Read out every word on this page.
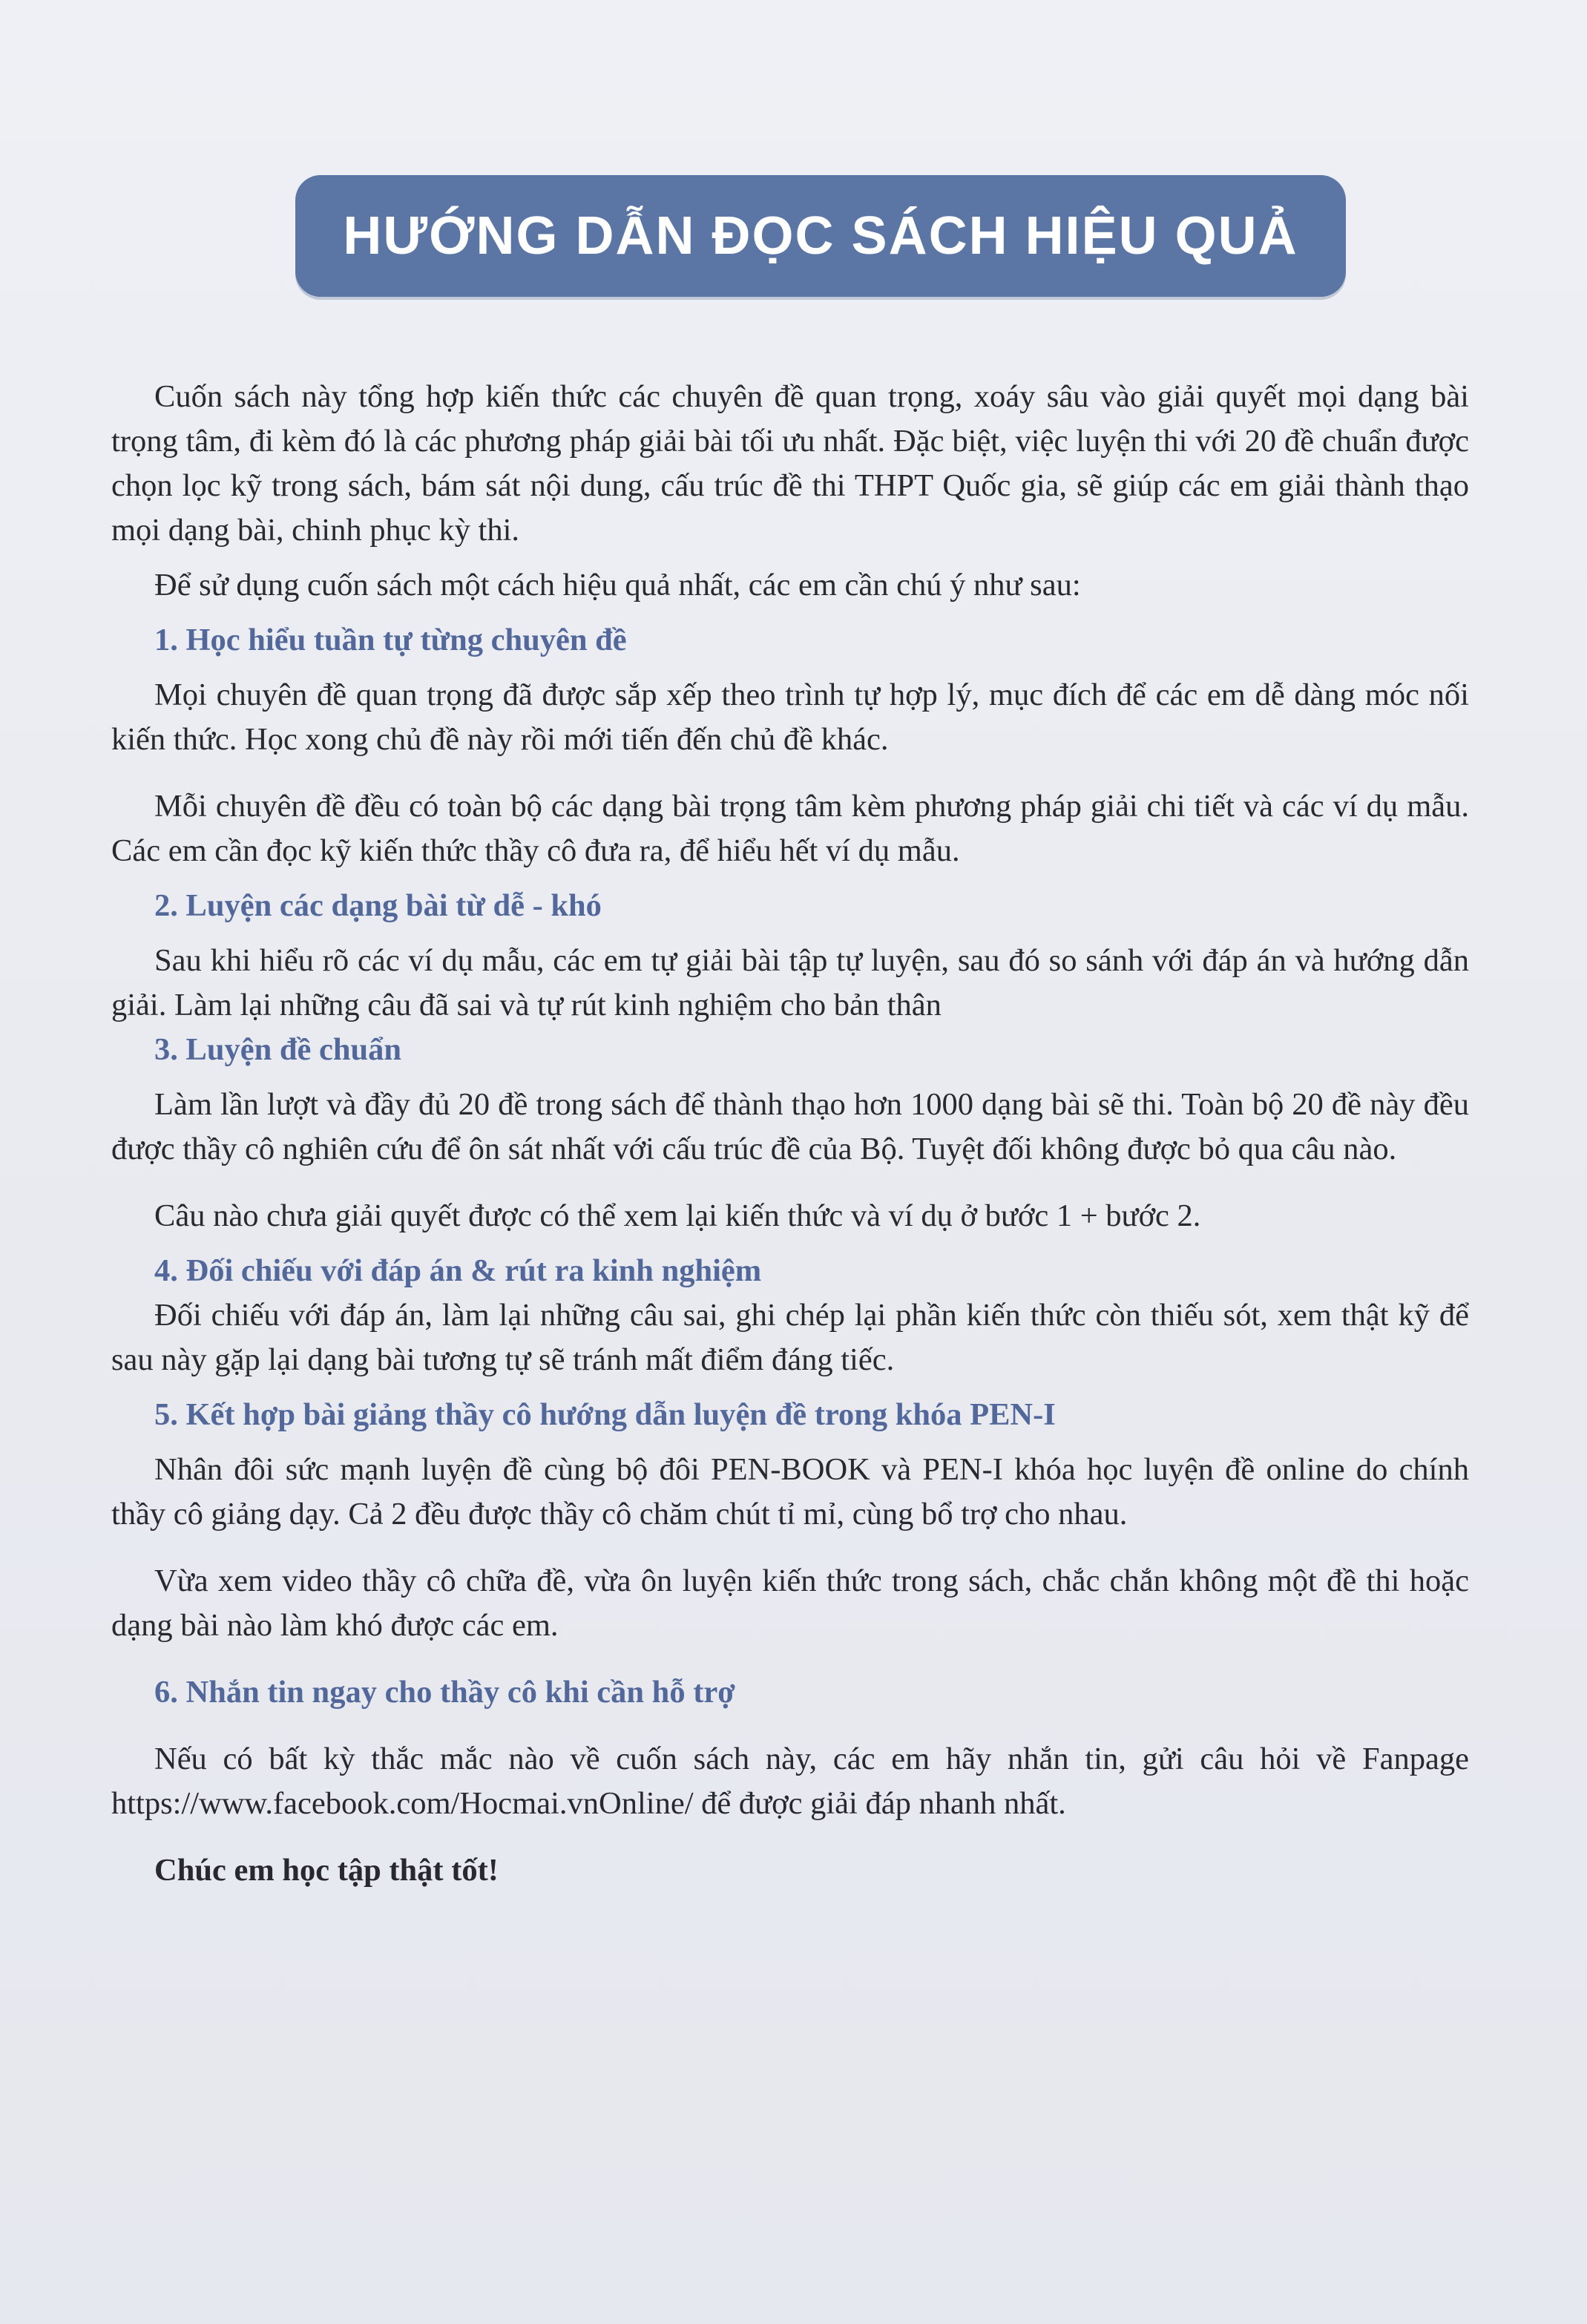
HƯỚNG DẪN ĐỌC SÁCH HIỆU QUẢ

Cuốn sách này tổng hợp kiến thức các chuyên đề quan trọng, xoáy sâu vào giải quyết mọi dạng bài trọng tâm, đi kèm đó là các phương pháp giải bài tối ưu nhất. Đặc biệt, việc luyện thi với 20 đề chuẩn được chọn lọc kỹ trong sách, bám sát nội dung, cấu trúc đề thi THPT Quốc gia, sẽ giúp các em giải thành thạo mọi dạng bài, chinh phục kỳ thi.

Để sử dụng cuốn sách một cách hiệu quả nhất, các em cần chú ý như sau:

1. Học hiểu tuần tự từng chuyên đề

Mọi chuyên đề quan trọng đã được sắp xếp theo trình tự hợp lý, mục đích để các em dễ dàng móc nối kiến thức. Học xong chủ đề này rồi mới tiến đến chủ đề khác.

Mỗi chuyên đề đều có toàn bộ các dạng bài trọng tâm kèm phương pháp giải chi tiết và các ví dụ mẫu. Các em cần đọc kỹ kiến thức thầy cô đưa ra, để hiểu hết ví dụ mẫu.

2. Luyện các dạng bài từ dễ - khó

Sau khi hiểu rõ các ví dụ mẫu, các em tự giải bài tập tự luyện, sau đó so sánh với đáp án và hướng dẫn giải. Làm lại những câu đã sai và tự rút kinh nghiệm cho bản thân

3. Luyện đề chuẩn

Làm lần lượt và đầy đủ 20 đề trong sách để thành thạo hơn 1000 dạng bài sẽ thi. Toàn bộ 20 đề này đều được thầy cô nghiên cứu để ôn sát nhất với cấu trúc đề của Bộ. Tuyệt đối không được bỏ qua câu nào.

Câu nào chưa giải quyết được có thể xem lại kiến thức và ví dụ ở bước 1 + bước 2.

4. Đối chiếu với đáp án & rút ra kinh nghiệm

Đối chiếu với đáp án, làm lại những câu sai, ghi chép lại phần kiến thức còn thiếu sót, xem thật kỹ để sau này gặp lại dạng bài tương tự sẽ tránh mất điểm đáng tiếc.

5. Kết hợp bài giảng thầy cô hướng dẫn luyện đề trong khóa PEN-I

Nhân đôi sức mạnh luyện đề cùng bộ đôi PEN-BOOK và PEN-I khóa học luyện đề online do chính thầy cô giảng dạy. Cả 2 đều được thầy cô chăm chút tỉ mỉ, cùng bổ trợ cho nhau.

Vừa xem video thầy cô chữa đề, vừa ôn luyện kiến thức trong sách, chắc chắn không một đề thi hoặc dạng bài nào làm khó được các em.

6. Nhắn tin ngay cho thầy cô khi cần hỗ trợ

Nếu có bất kỳ thắc mắc nào về cuốn sách này, các em hãy nhắn tin, gửi câu hỏi về Fanpage https://www.facebook.com/Hocmai.vnOnline/ để được giải đáp nhanh nhất.

Chúc em học tập thật tốt!
